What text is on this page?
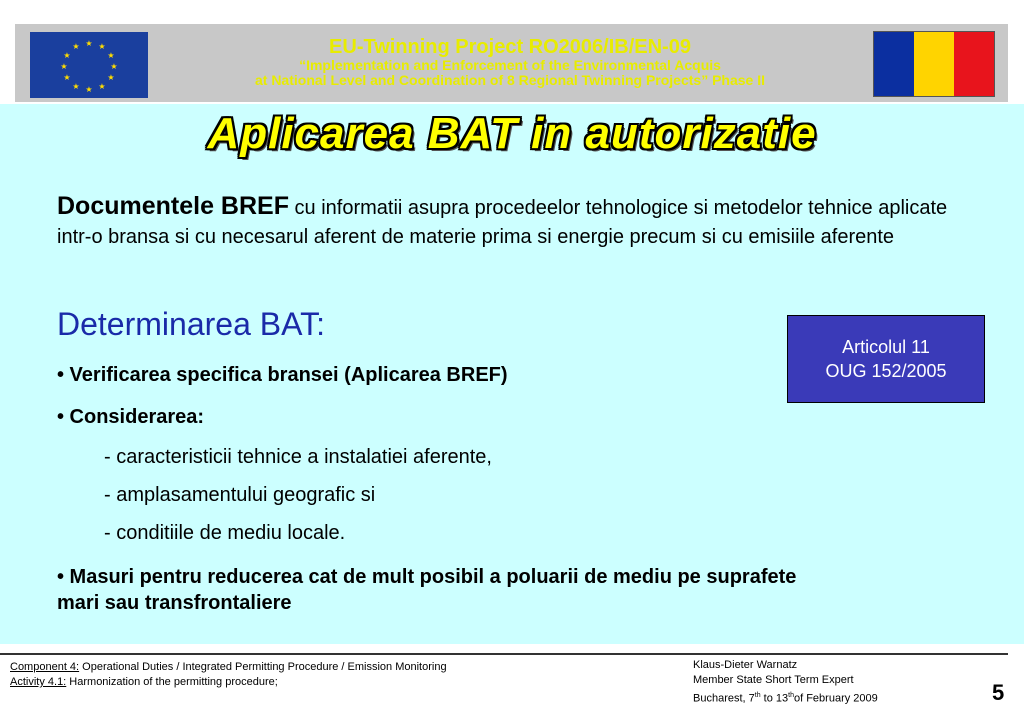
★ ★
★
★
★
★
★
★
★
★
★
★	EU-Twinning Project RO2006/IB/EN-09
“Implementation and Enforcement of the Environmental Acquis
at National Level and Coordination of 8 Regional Twinning Projects” Phase II
Aplicarea BAT in autorizatie
Documentele BREF cu informatii asupra procedeelor tehnologice si metodelor tehnice aplicate intr-o bransa si cu necesarul aferent de materie prima si energie precum si cu emisiile aferente
Determinarea BAT:
• Verificarea specifica bransei (Aplicarea BREF)
• Considerarea:
- caracteristicii tehnice a instalatiei aferente,
- amplasamentului geografic si
- conditiile de mediu locale.
• Masuri pentru reducerea cat de mult posibil a poluarii de mediu pe suprafete
mari sau transfrontaliere
Articolul 11
OUG 152/2005
Component 4: Operational Duties / Integrated Permitting Procedure / Emission Monitoring
Activity 4.1: Harmonization of the permitting procedure;
Klaus-Dieter Warnatz
Member State Short Term Expert
Bucharest, 7th to 13thof February 2009	5
